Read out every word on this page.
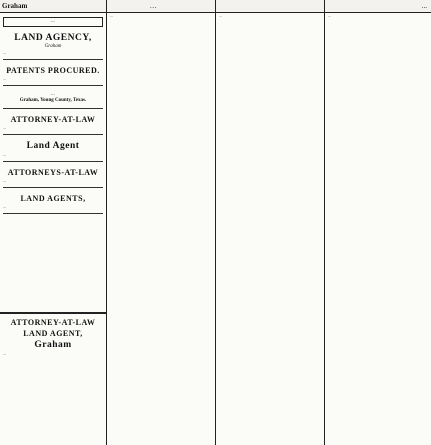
Graham	...	...
...
LAND AGENCY,
Graham
...
PATENTS PROCURED.
...
...
Graham, Young County, Texas.
ATTORNEY-AT-LAW
...
Land Agent
...
ATTORNEYS-AT-LAW
...
LAND AGENTS,
...
ATTORNEY-AT-LAW
LAND AGENT,
Graham
...
...	...	...
